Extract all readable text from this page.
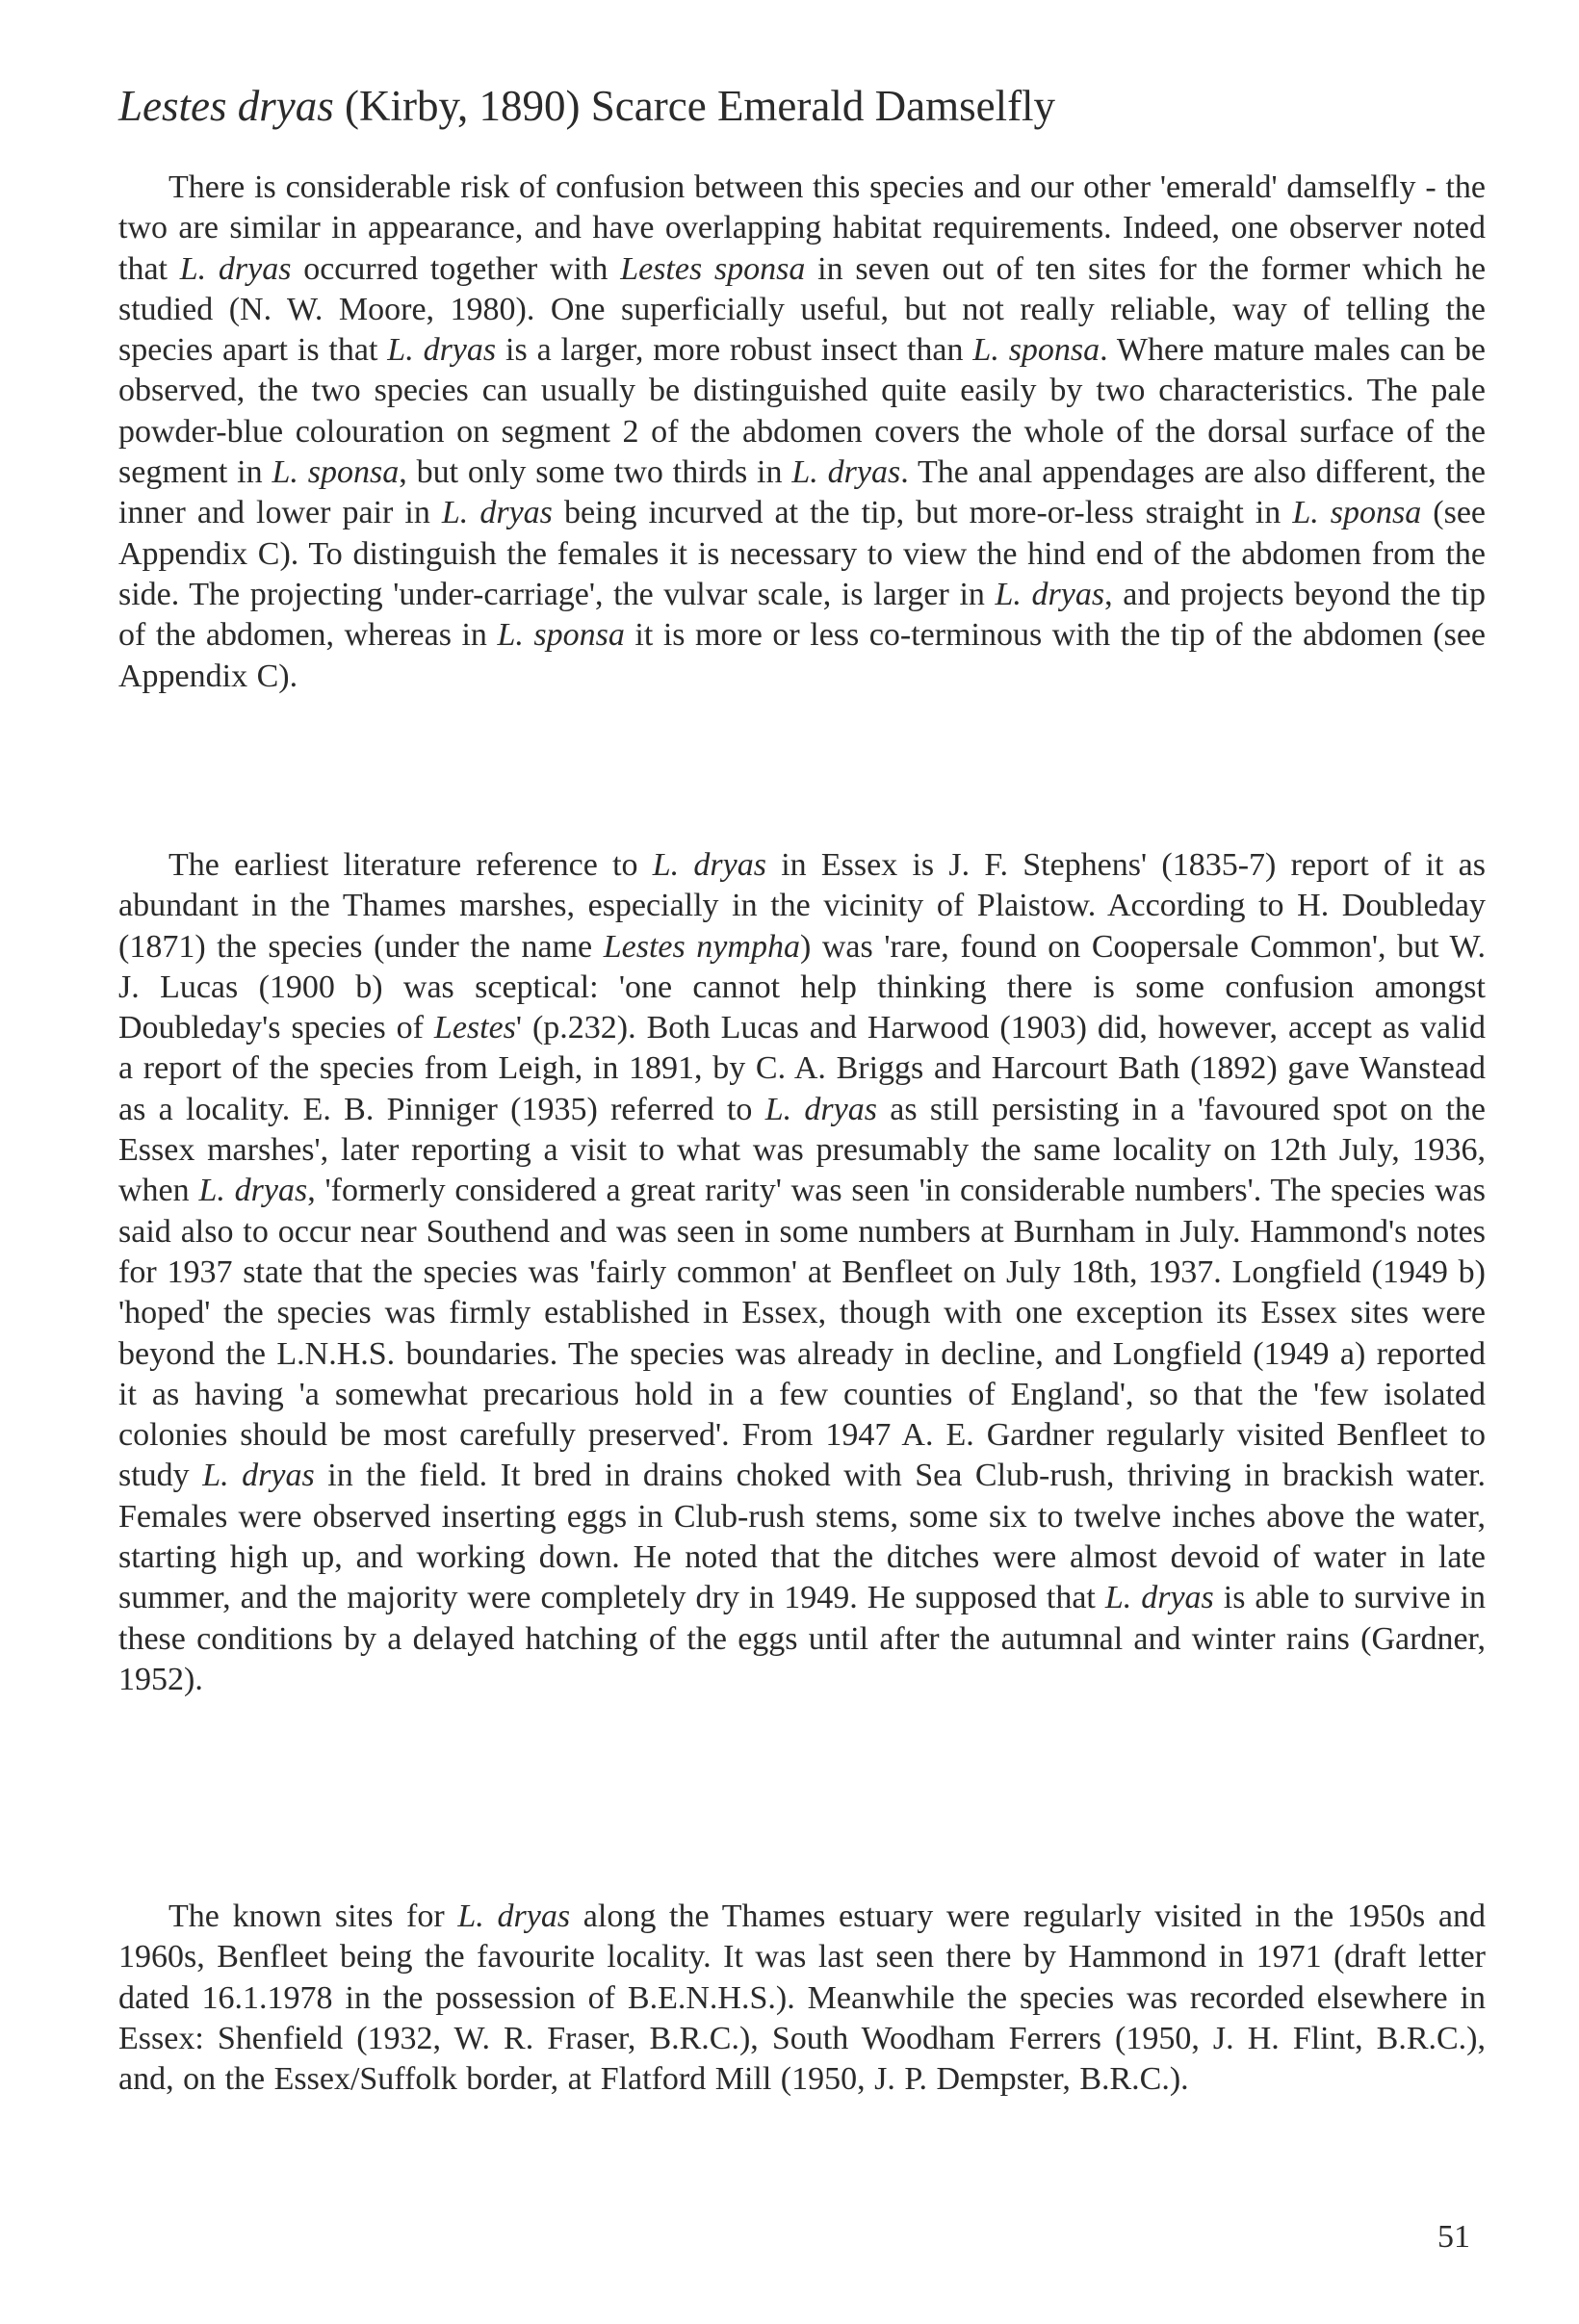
Lestes dryas (Kirby, 1890) Scarce Emerald Damselfly

There is considerable risk of confusion between this species and our other 'emerald' damselfly - the two are similar in appearance, and have overlapping habitat requirements. Indeed, one observer noted that L. dryas occurred together with Lestes sponsa in seven out of ten sites for the former which he studied (N. W. Moore, 1980). One superficially useful, but not really reliable, way of telling the species apart is that L. dryas is a larger, more robust insect than L. sponsa. Where mature males can be observed, the two species can usually be distinguished quite easily by two characteristics. The pale powder-blue colouration on segment 2 of the abdomen covers the whole of the dorsal surface of the segment in L. sponsa, but only some two thirds in L. dryas. The anal appendages are also different, the inner and lower pair in L. dryas being incurved at the tip, but more-or-less straight in L. sponsa (see Appendix C). To distinguish the females it is necessary to view the hind end of the abdomen from the side. The projecting 'under-carriage', the vulvar scale, is larger in L. dryas, and projects beyond the tip of the abdomen, whereas in L. sponsa it is more or less co-terminous with the tip of the abdomen (see Appendix C).

The earliest literature reference to L. dryas in Essex is J. F. Stephens' (1835-7) report of it as abundant in the Thames marshes, especially in the vicinity of Plaistow. According to H. Doubleday (1871) the species (under the name Lestes nympha) was 'rare, found on Coopersale Common', but W. J. Lucas (1900 b) was sceptical: 'one cannot help thinking there is some confusion amongst Doubleday's species of Lestes' (p.232). Both Lucas and Harwood (1903) did, however, accept as valid a report of the species from Leigh, in 1891, by C. A. Briggs and Harcourt Bath (1892) gave Wanstead as a locality. E. B. Pinniger (1935) referred to L. dryas as still persisting in a 'favoured spot on the Essex marshes', later reporting a visit to what was presumably the same locality on 12th July, 1936, when L. dryas, 'formerly considered a great rarity' was seen 'in considerable numbers'. The species was said also to occur near Southend and was seen in some numbers at Burnham in July. Hammond's notes for 1937 state that the species was 'fairly common' at Benfleet on July 18th, 1937. Longfield (1949 b) 'hoped' the species was firmly established in Essex, though with one exception its Essex sites were beyond the L.N.H.S. boundaries. The species was already in decline, and Longfield (1949 a) reported it as having 'a somewhat precarious hold in a few counties of England', so that the 'few isolated colonies should be most carefully preserved'. From 1947 A. E. Gardner regularly visited Benfleet to study L. dryas in the field. It bred in drains choked with Sea Club-rush, thriving in brackish water. Females were observed inserting eggs in Club-rush stems, some six to twelve inches above the water, starting high up, and working down. He noted that the ditches were almost devoid of water in late summer, and the majority were completely dry in 1949. He supposed that L. dryas is able to survive in these conditions by a delayed hatching of the eggs until after the autumnal and winter rains (Gardner, 1952).

The known sites for L. dryas along the Thames estuary were regularly visited in the 1950s and 1960s, Benfleet being the favourite locality. It was last seen there by Hammond in 1971 (draft letter dated 16.1.1978 in the possession of B.E.N.H.S.). Meanwhile the species was recorded elsewhere in Essex: Shenfield (1932, W. R. Fraser, B.R.C.), South Woodham Ferrers (1950, J. H. Flint, B.R.C.), and, on the Essex/Suffolk border, at Flatford Mill (1950, J. P. Dempster, B.R.C.).

51
